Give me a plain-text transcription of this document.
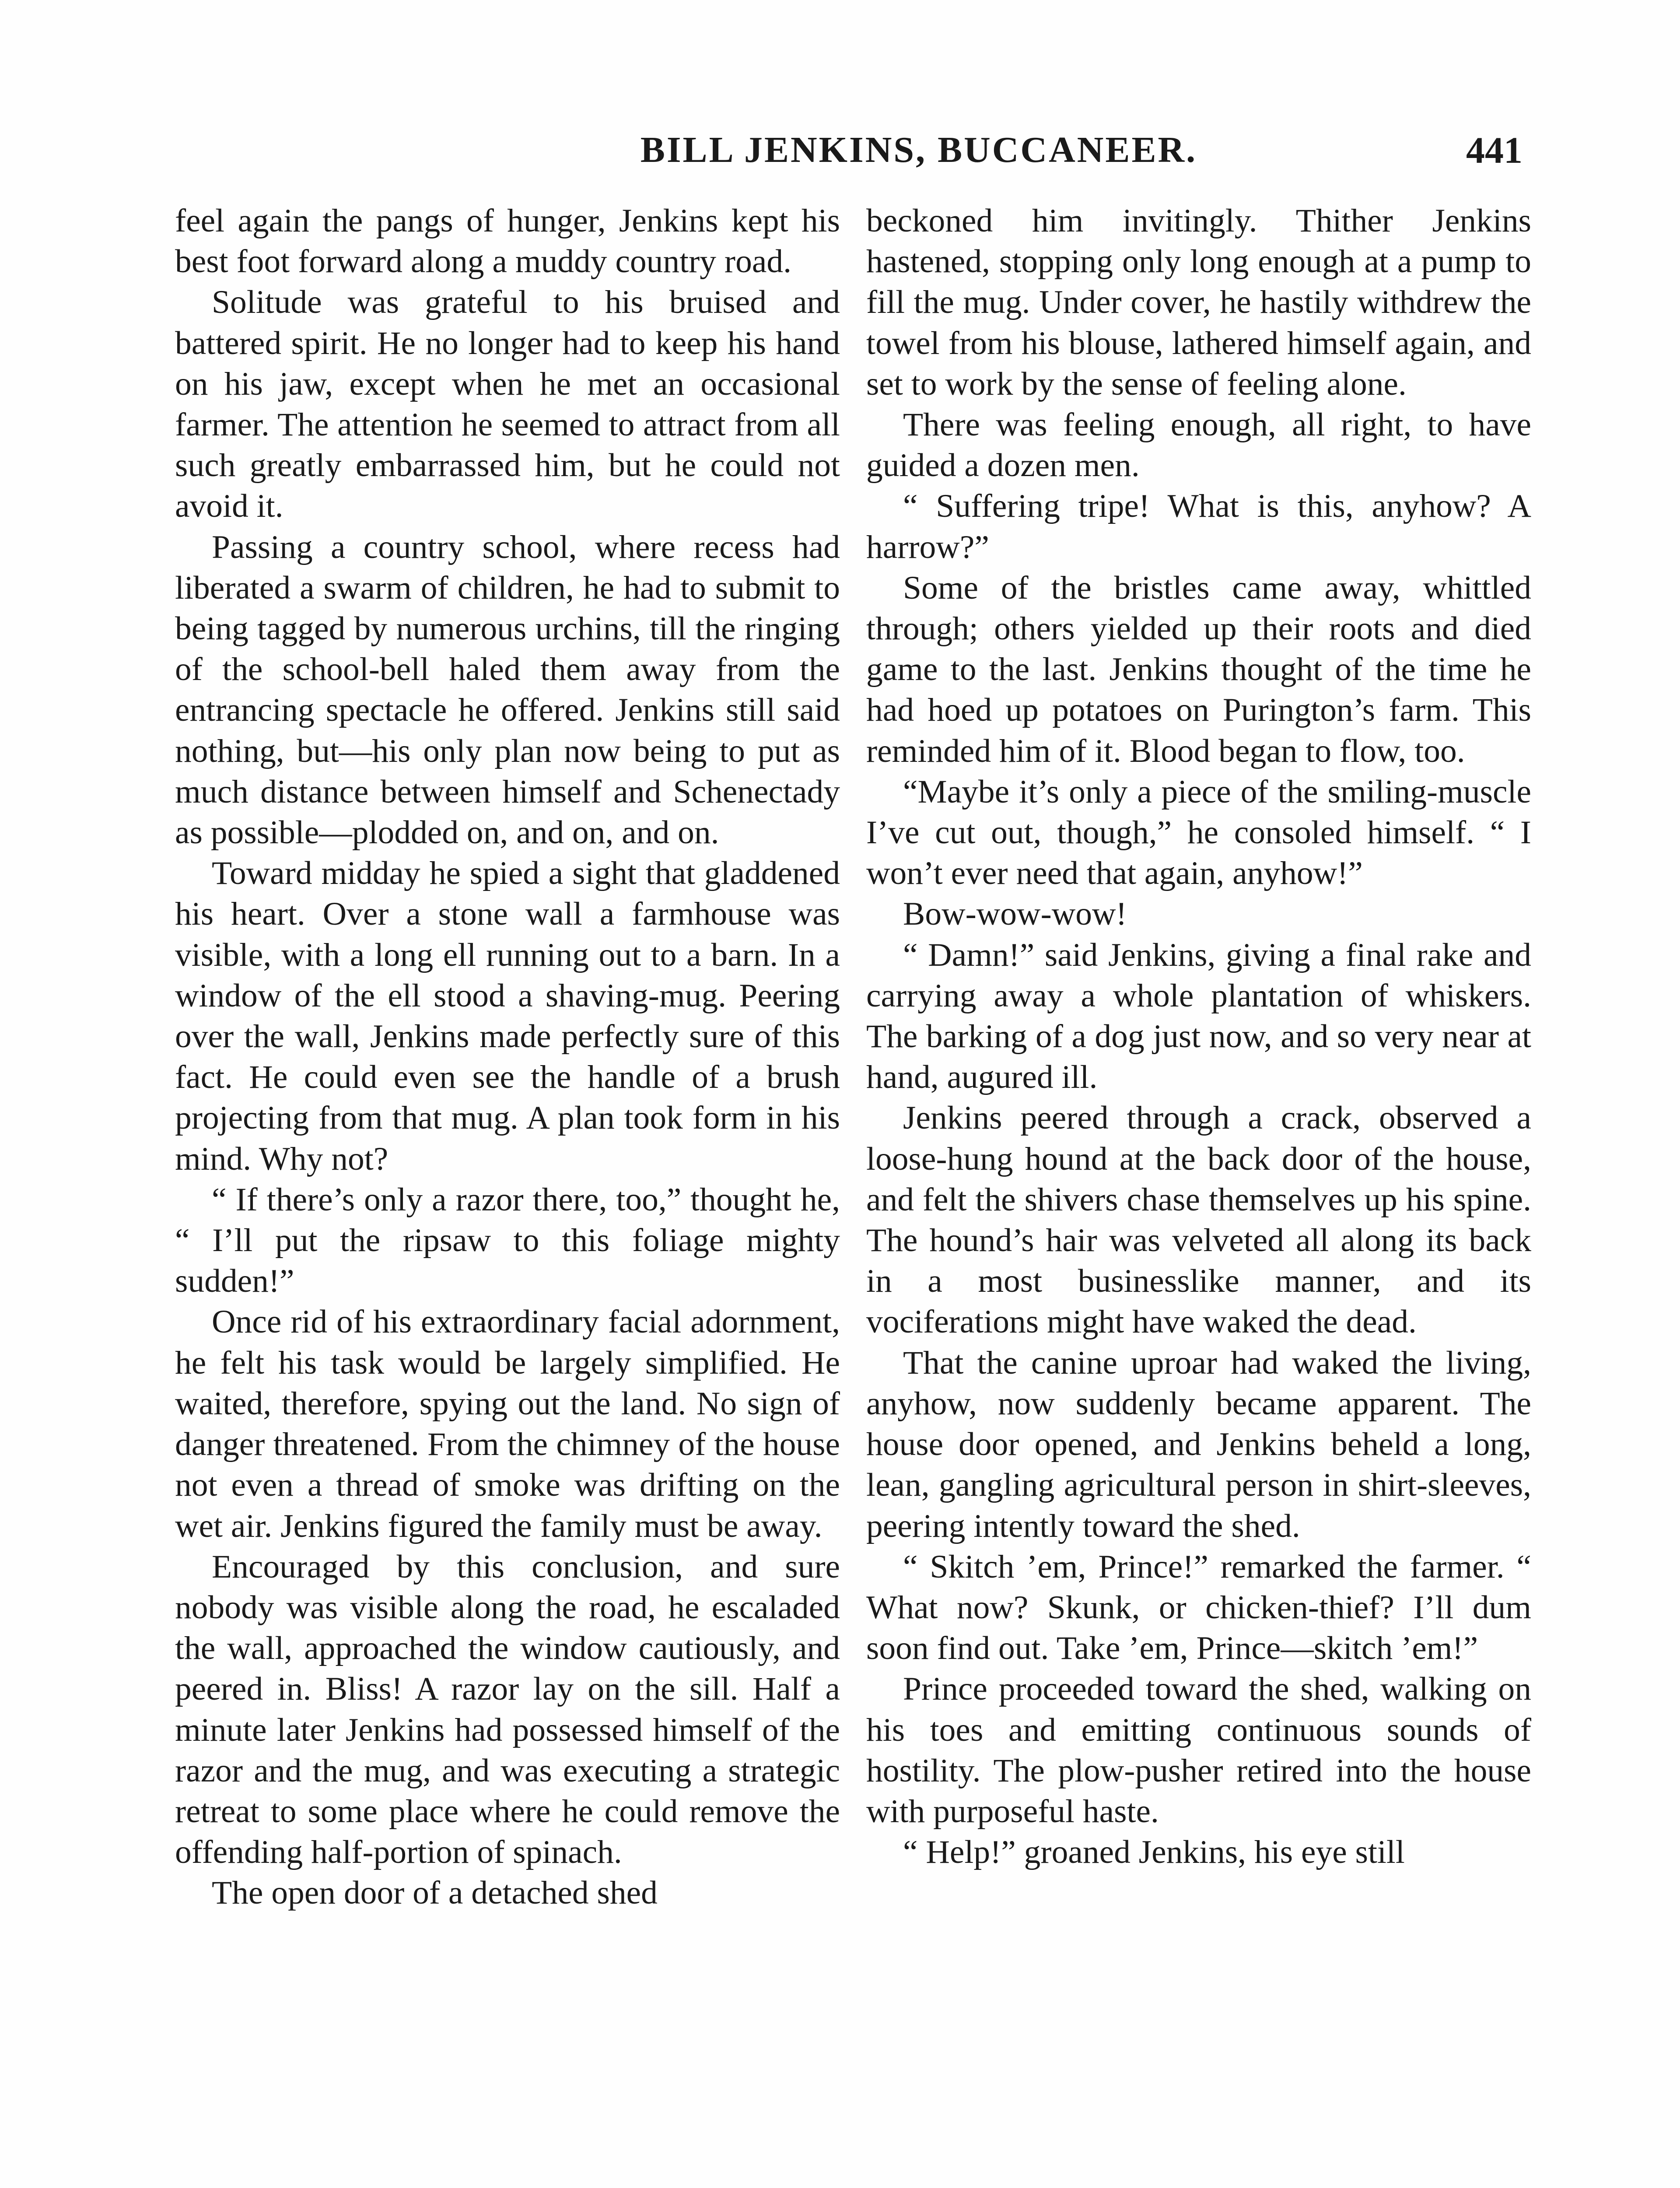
BILL JENKINS, BUCCANEER.	441

feel again the pangs of hunger, Jenkins kept his best foot forward along a muddy country road.

Solitude was grateful to his bruised and battered spirit. He no longer had to keep his hand on his jaw, except when he met an occasional farmer. The attention he seemed to attract from all such greatly embarrassed him, but he could not avoid it.

Passing a country school, where recess had liberated a swarm of children, he had to submit to being tagged by numerous urchins, till the ringing of the school-bell haled them away from the entrancing spectacle he offered. Jenkins still said nothing, but—his only plan now being to put as much distance between himself and Schenectady as possible—plodded on, and on, and on.

Toward midday he spied a sight that gladdened his heart. Over a stone wall a farmhouse was visible, with a long ell running out to a barn. In a window of the ell stood a shaving-mug. Peering over the wall, Jenkins made perfectly sure of this fact. He could even see the handle of a brush projecting from that mug. A plan took form in his mind. Why not?

“ If there’s only a razor there, too,” thought he, “ I’ll put the ripsaw to this foliage mighty sudden!”

Once rid of his extraordinary facial adornment, he felt his task would be largely simplified. He waited, therefore, spying out the land. No sign of danger threatened. From the chimney of the house not even a thread of smoke was drifting on the wet air. Jenkins figured the family must be away.

Encouraged by this conclusion, and sure nobody was visible along the road, he escaladed the wall, approached the window cautiously, and peered in. Bliss! A razor lay on the sill. Half a minute later Jenkins had possessed himself of the razor and the mug, and was executing a strategic retreat to some place where he could remove the offending half-portion of spinach.

The open door of a detached shed

beckoned him invitingly. Thither Jenkins hastened, stopping only long enough at a pump to fill the mug. Under cover, he hastily withdrew the towel from his blouse, lathered himself again, and set to work by the sense of feeling alone.

There was feeling enough, all right, to have guided a dozen men.

“ Suffering tripe! What is this, anyhow? A harrow?”

Some of the bristles came away, whittled through; others yielded up their roots and died game to the last. Jenkins thought of the time he had hoed up potatoes on Purington’s farm. This reminded him of it. Blood began to flow, too.

“Maybe it’s only a piece of the smiling-muscle I’ve cut out, though,” he consoled himself. “ I won’t ever need that again, anyhow!”

Bow-wow-wow!

“ Damn!” said Jenkins, giving a final rake and carrying away a whole plantation of whiskers. The barking of a dog just now, and so very near at hand, augured ill.

Jenkins peered through a crack, observed a loose-hung hound at the back door of the house, and felt the shivers chase themselves up his spine. The hound’s hair was velveted all along its back in a most businesslike manner, and its vociferations might have waked the dead.

That the canine uproar had waked the living, anyhow, now suddenly became apparent. The house door opened, and Jenkins beheld a long, lean, gangling agricultural person in shirt-sleeves, peering intently toward the shed.

“ Skitch ’em, Prince!” remarked the farmer. “ What now? Skunk, or chicken-thief? I’ll dum soon find out. Take ’em, Prince—skitch ’em!”

Prince proceeded toward the shed, walking on his toes and emitting continuous sounds of hostility. The plow-pusher retired into the house with purposeful haste.

“ Help!” groaned Jenkins, his eye still
